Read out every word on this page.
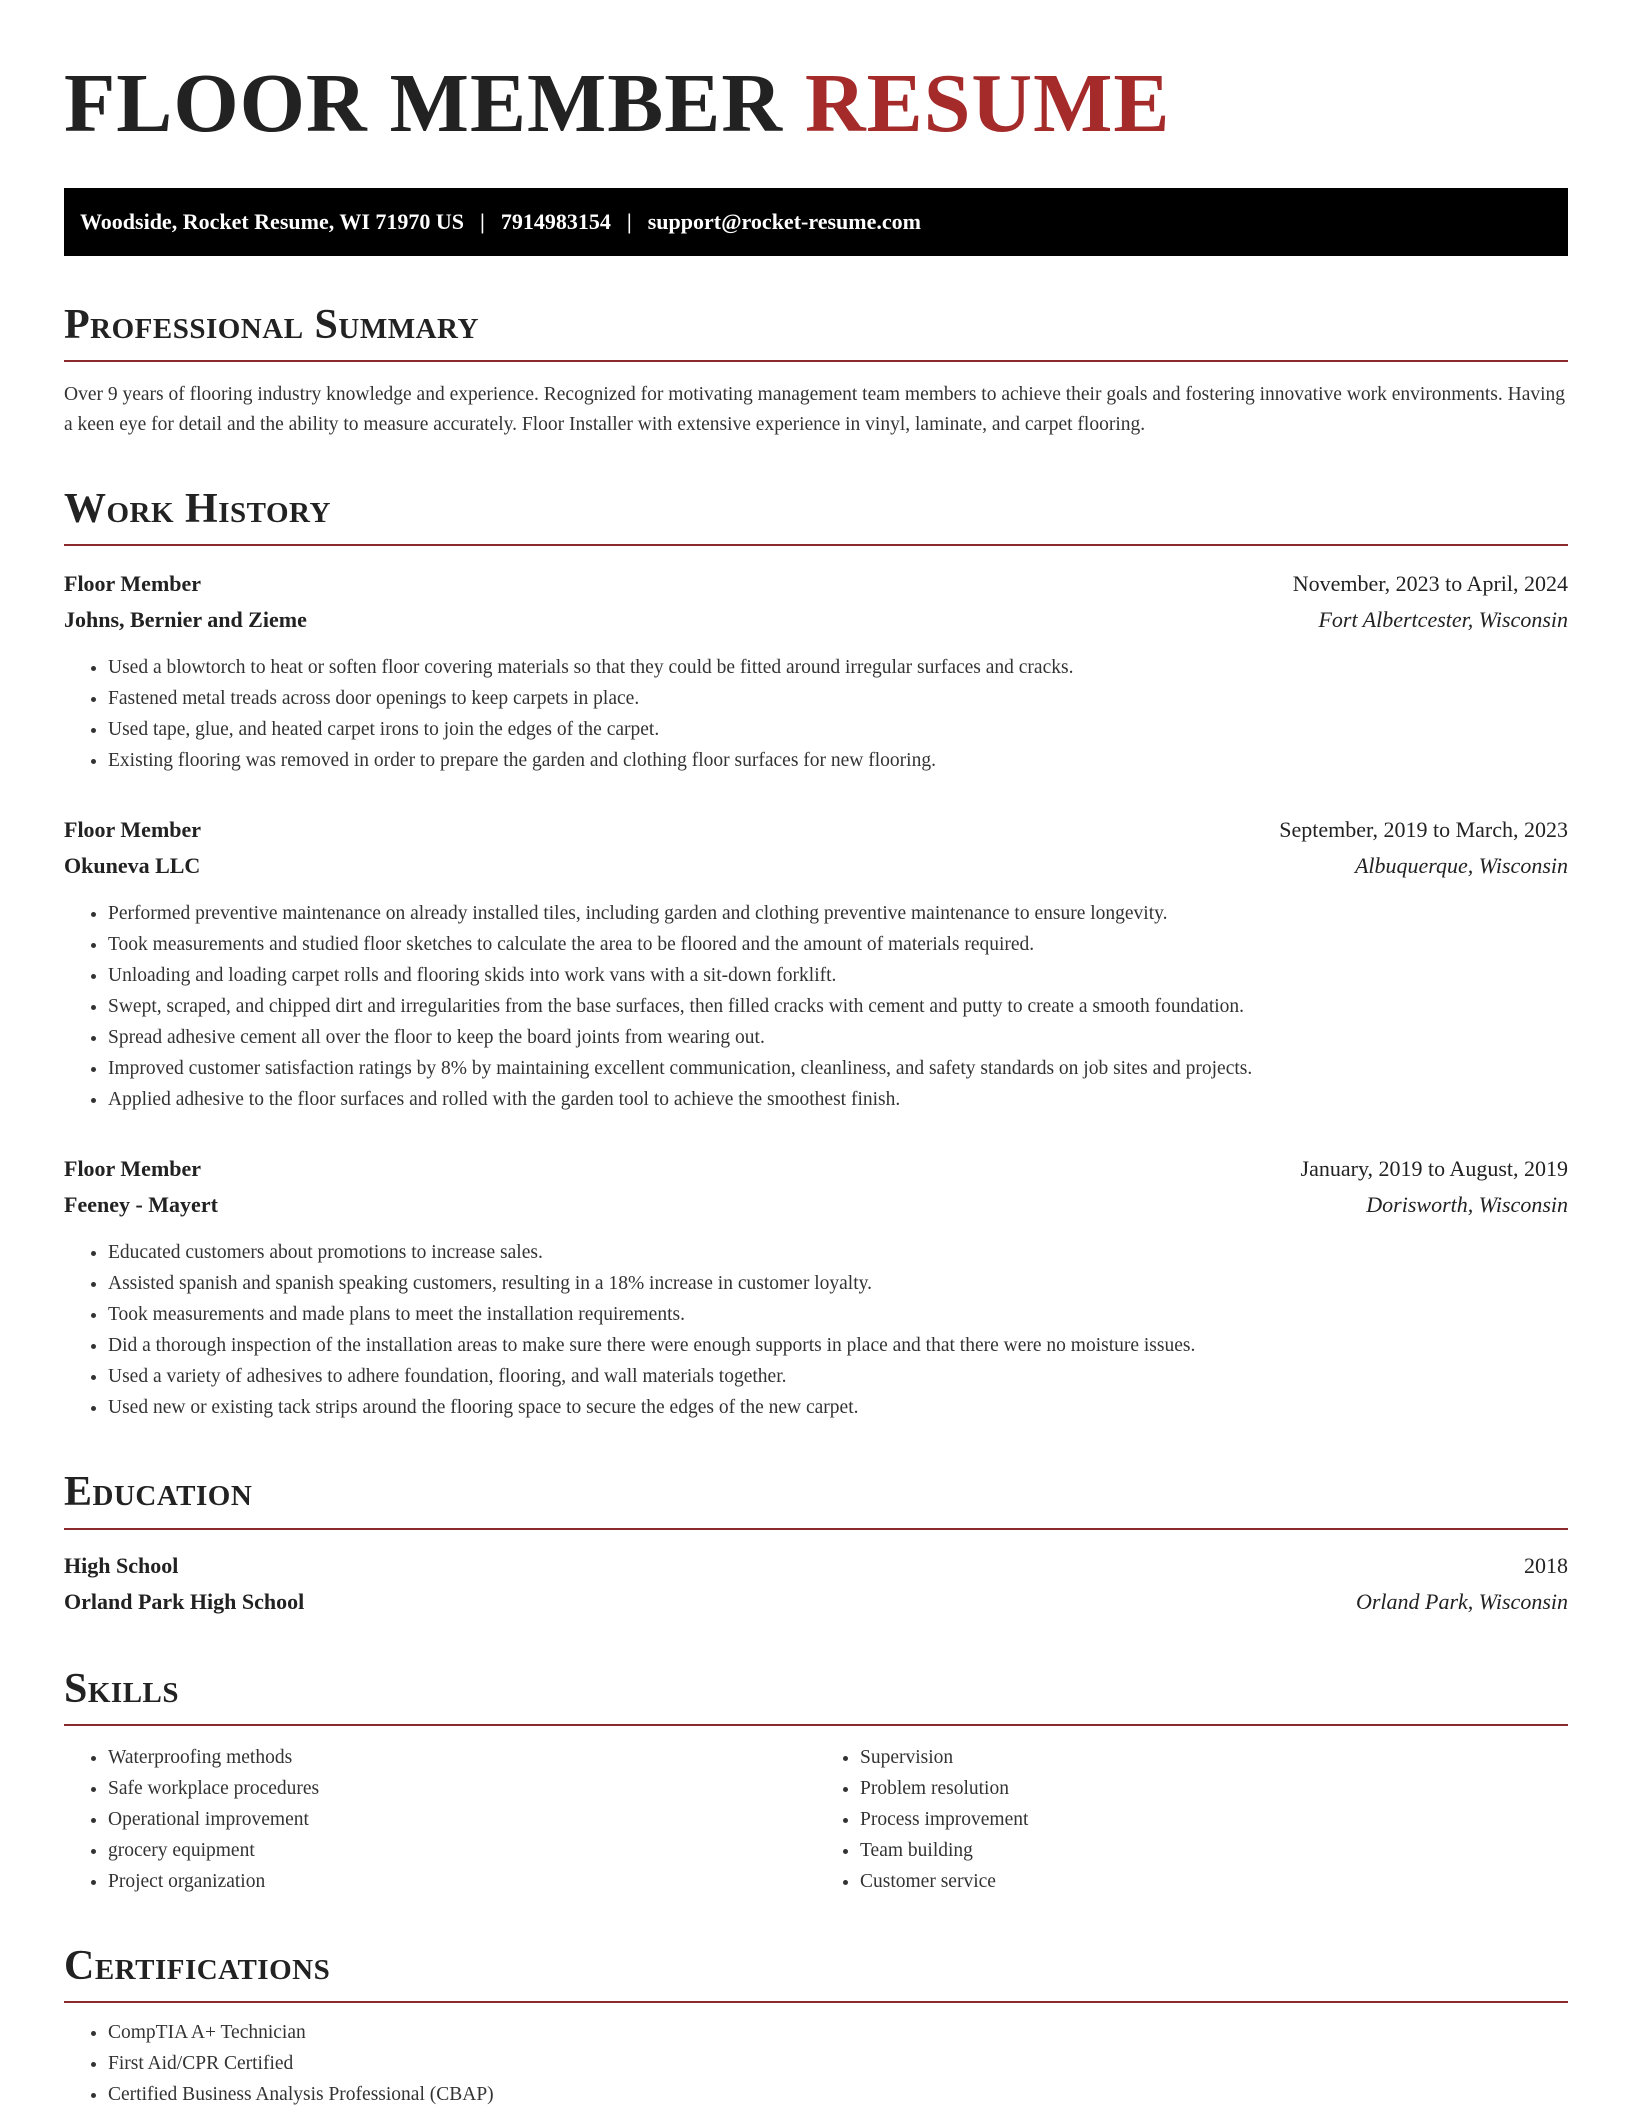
FLOOR MEMBER RESUME
Woodside, Rocket Resume, WI 71970 US | 7914983154 | support@rocket-resume.com
Professional Summary

Over 9 years of flooring industry knowledge and experience. Recognized for motivating management team members to achieve their goals and fostering innovative work environments. Having a keen eye for detail and the ability to measure accurately. Floor Installer with extensive experience in vinyl, laminate, and carpet flooring.

Work History
Floor Member	November, 2023 to April, 2024
Johns, Bernier and Zieme	Fort Albertcester, Wisconsin
• Used a blowtorch to heat or soften floor covering materials so that they could be fitted around irregular surfaces and cracks.
• Fastened metal treads across door openings to keep carpets in place.
• Used tape, glue, and heated carpet irons to join the edges of the carpet.
• Existing flooring was removed in order to prepare the garden and clothing floor surfaces for new flooring.
Floor Member	September, 2019 to March, 2023
Okuneva LLC	Albuquerque, Wisconsin
• Performed preventive maintenance on already installed tiles, including garden and clothing preventive maintenance to ensure longevity.
• Took measurements and studied floor sketches to calculate the area to be floored and the amount of materials required.
• Unloading and loading carpet rolls and flooring skids into work vans with a sit-down forklift.
• Swept, scraped, and chipped dirt and irregularities from the base surfaces, then filled cracks with cement and putty to create a smooth foundation.
• Spread adhesive cement all over the floor to keep the board joints from wearing out.
• Improved customer satisfaction ratings by 8% by maintaining excellent communication, cleanliness, and safety standards on job sites and projects.
• Applied adhesive to the floor surfaces and rolled with the garden tool to achieve the smoothest finish.
Floor Member	January, 2019 to August, 2019
Feeney - Mayert	Dorisworth, Wisconsin
• Educated customers about promotions to increase sales.
• Assisted spanish and spanish speaking customers, resulting in a 18% increase in customer loyalty.
• Took measurements and made plans to meet the installation requirements.
• Did a thorough inspection of the installation areas to make sure there were enough supports in place and that there were no moisture issues.
• Used a variety of adhesives to adhere foundation, flooring, and wall materials together.
• Used new or existing tack strips around the flooring space to secure the edges of the new carpet.
Education
High School	2018
Orland Park High School	Orland Park, Wisconsin
Skills
• Waterproofing methods
• Safe workplace procedures
• Operational improvement
• grocery equipment
• Project organization
• Supervision
• Problem resolution
• Process improvement
• Team building
• Customer service
Certifications
• CompTIA A+ Technician
• First Aid/CPR Certified
• Certified Business Analysis Professional (CBAP)
